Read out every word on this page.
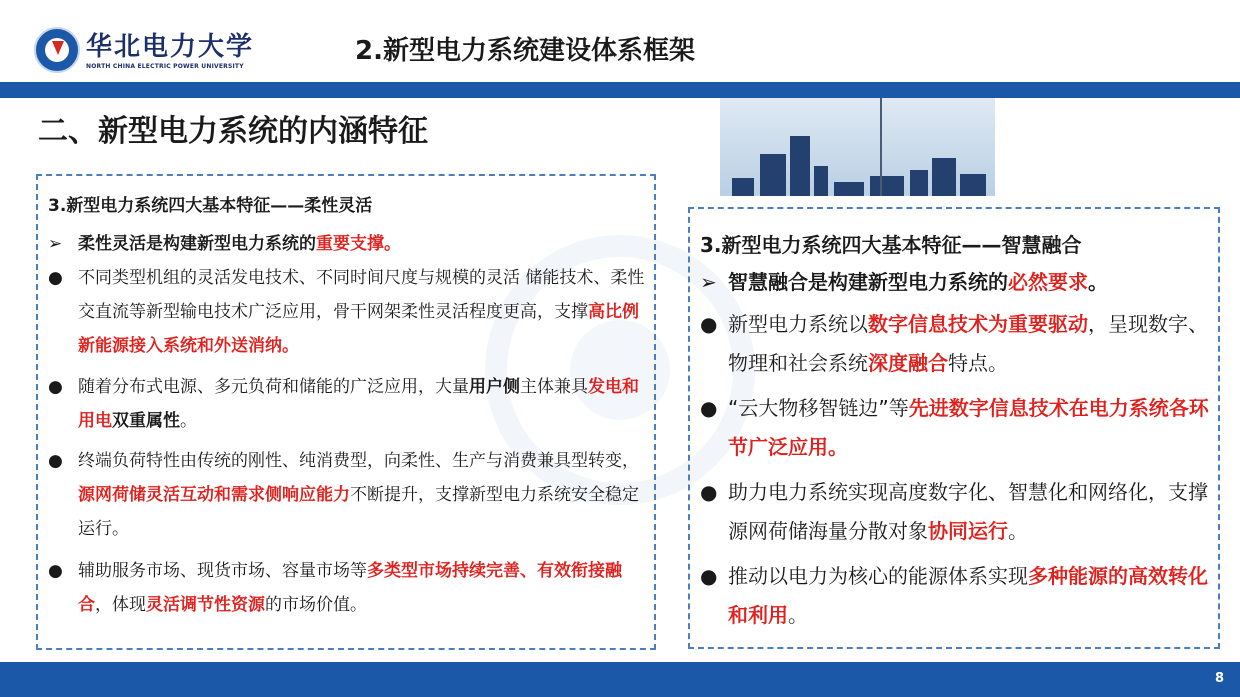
华北电力大学
NORTH CHINA ELECTRIC POWER UNIVERSITY
2.新型电力系统建设体系框架
二、新型电力系统的内涵特征
3.新型电力系统四大基本特征——柔性灵活
➢ 柔性灵活是构建新型电力系统的重要支撑。
● 不同类型机组的灵活发电技术、不同时间尺度与规模的灵活 储能技术、柔性交直流等新型输电技术广泛应用，骨干网架柔性灵活程度更高，支撑高比例新能源接入系统和外送消纳。
● 随着分布式电源、多元负荷和储能的广泛应用，大量用户侧主体兼具发电和用电双重属性。
● 终端负荷特性由传统的刚性、纯消费型，向柔性、生产与消费兼具型转变，源网荷储灵活互动和需求侧响应能力不断提升，支撑新型电力系统安全稳定运行。
● 辅助服务市场、现货市场、容量市场等多类型市场持续完善、有效衔接融合，体现灵活调节性资源的市场价值。
3.新型电力系统四大基本特征——智慧融合
➢ 智慧融合是构建新型电力系统的必然要求。
● 新型电力系统以数字信息技术为重要驱动，呈现数字、物理和社会系统深度融合特点。
● “云大物移智链边”等先进数字信息技术在电力系统各环节广泛应用。
● 助力电力系统实现高度数字化、智慧化和网络化，支撑源网荷储海量分散对象协同运行。
● 推动以电力为核心的能源体系实现多种能源的高效转化和利用。
8
